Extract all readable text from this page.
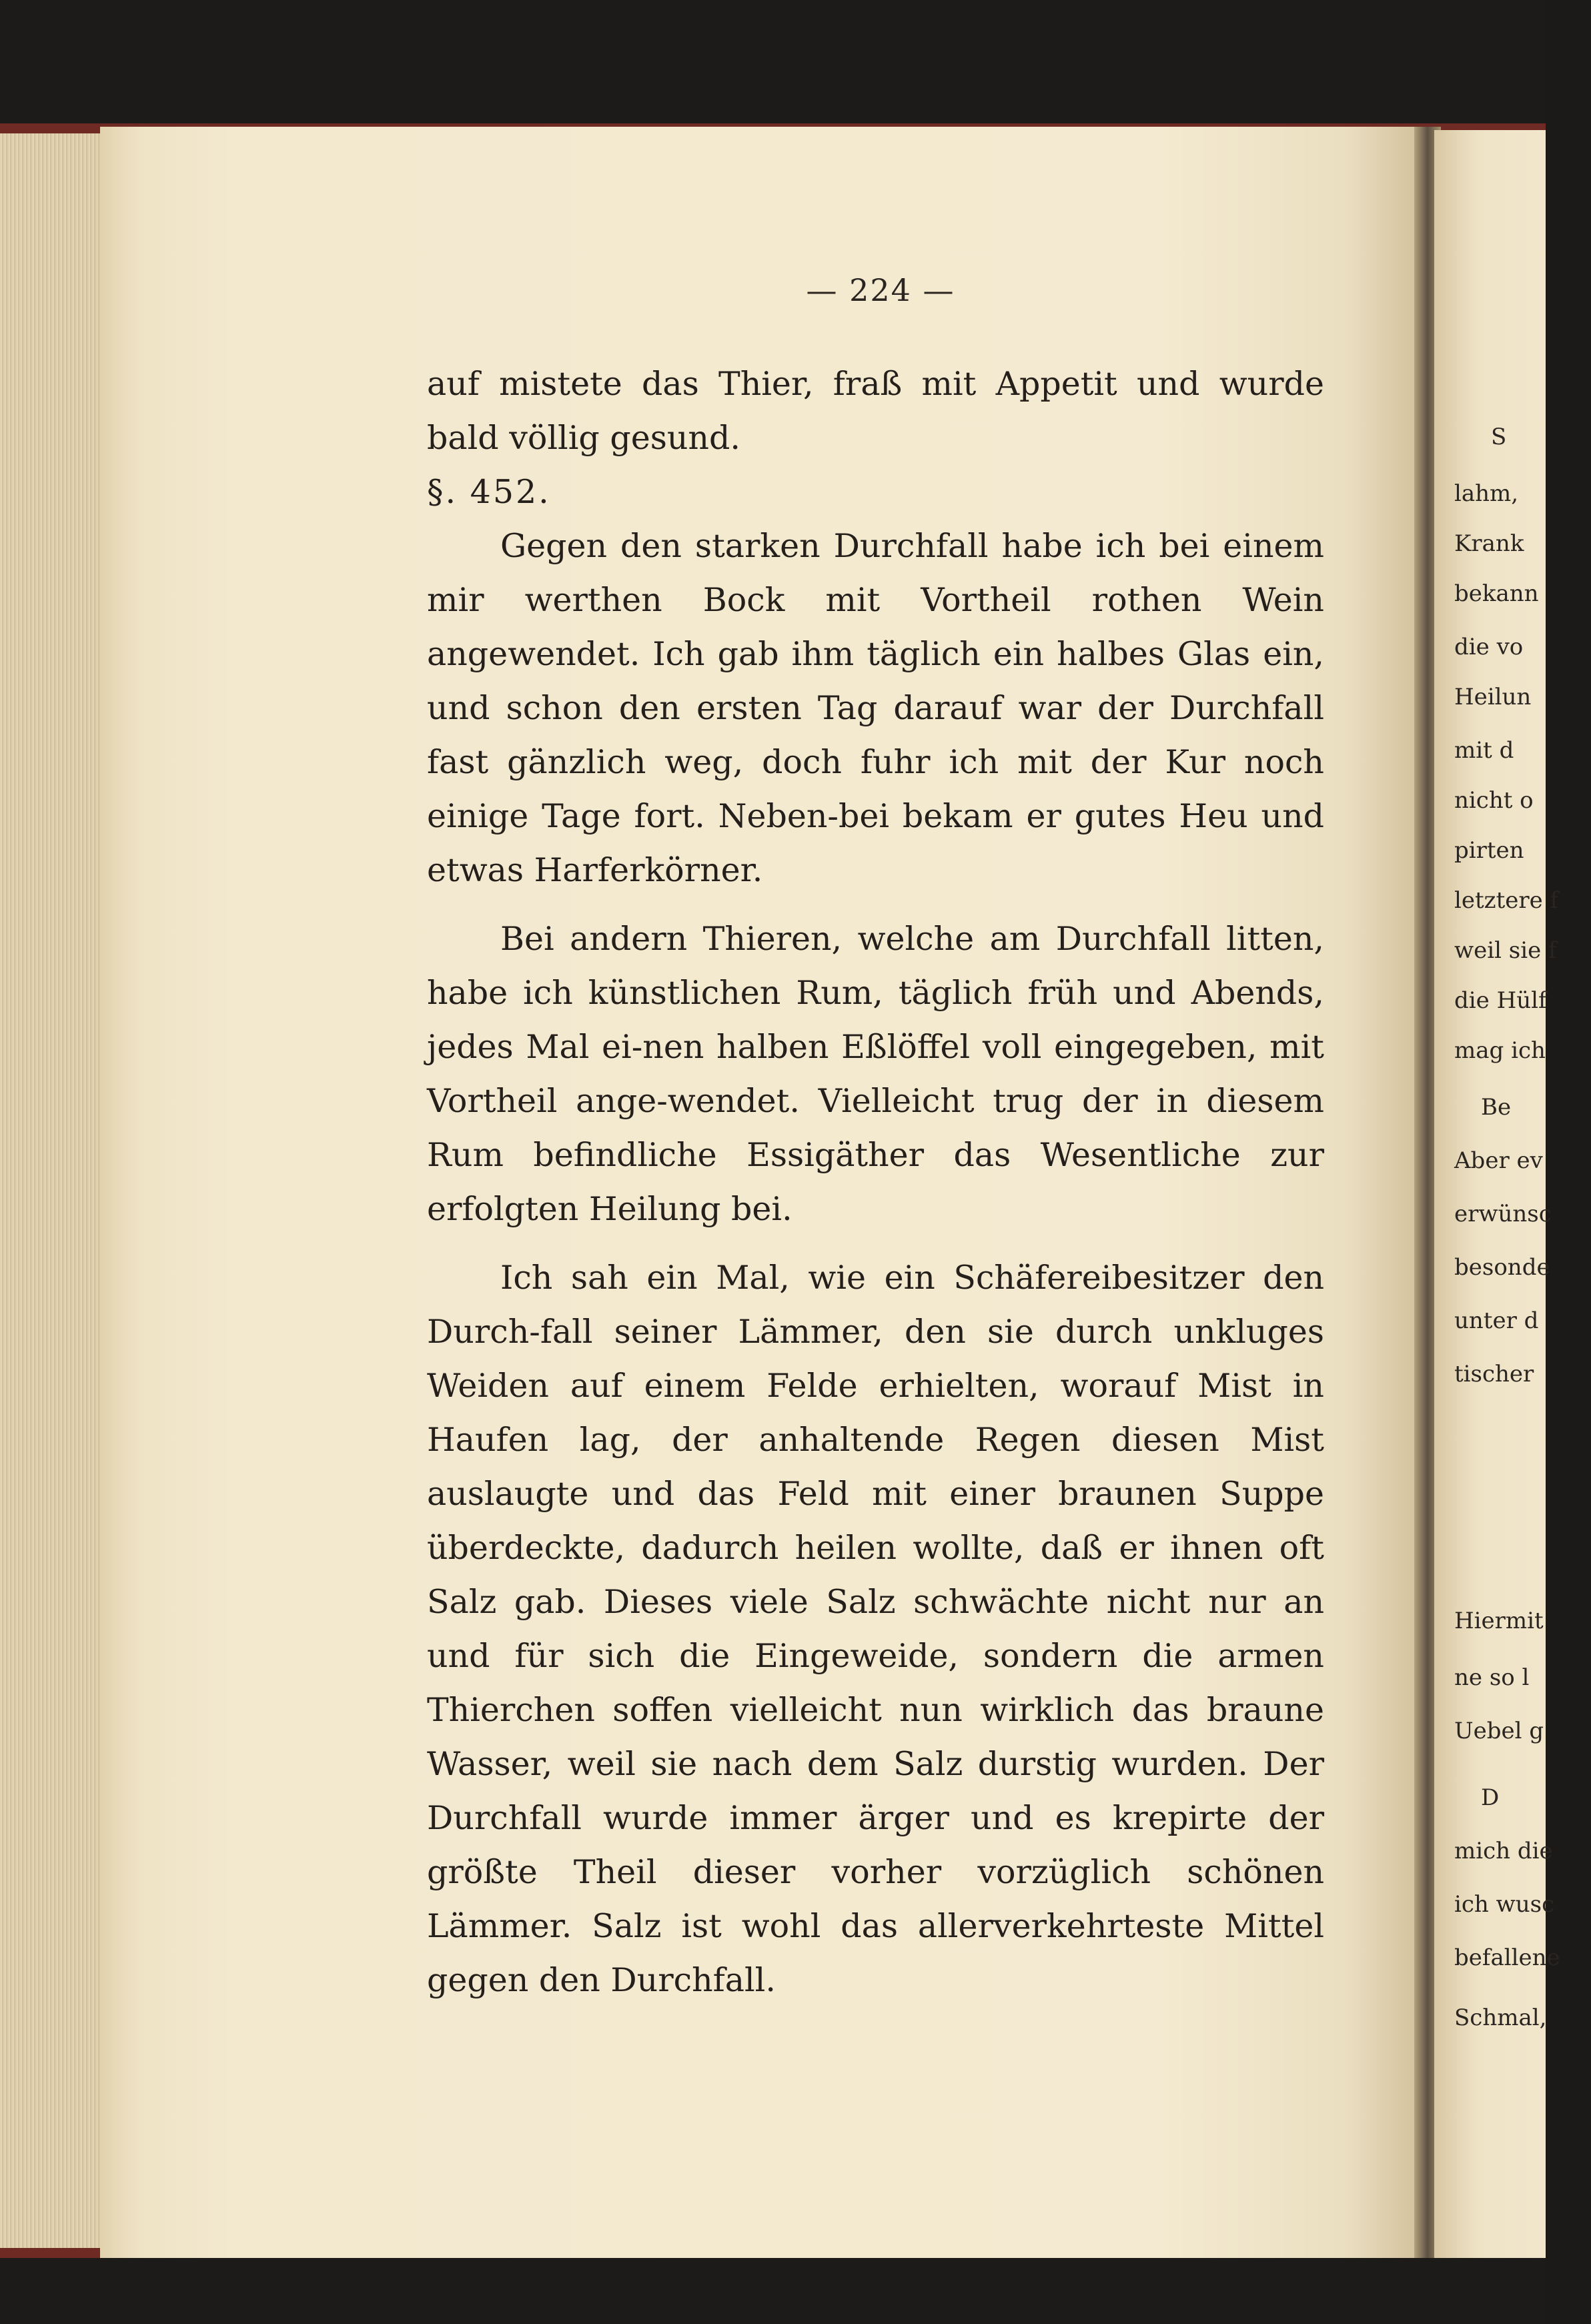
— 224 —

auf mistete das Thier, fraß mit Appetit und wurde bald völlig gesund.

§. 452.

Gegen den starken Durchfall habe ich bei einem mir werthen Bock mit Vortheil rothen Wein angewendet. Ich gab ihm täglich ein halbes Glas ein, und schon den ersten Tag darauf war der Durchfall fast gänzlich weg, doch fuhr ich mit der Kur noch einige Tage fort. Neben-bei bekam er gutes Heu und etwas Harferkörner.

Bei andern Thieren, welche am Durchfall litten, habe ich künstlichen Rum, täglich früh und Abends, jedes Mal ei-nen halben Eßlöffel voll eingegeben, mit Vortheil ange-wendet. Vielleicht trug der in diesem Rum befindliche Essigäther das Wesentliche zur erfolgten Heilung bei.

Ich sah ein Mal, wie ein Schäfereibesitzer den Durch-fall seiner Lämmer, den sie durch unkluges Weiden auf einem Felde erhielten, worauf Mist in Haufen lag, der anhaltende Regen diesen Mist auslaugte und das Feld mit einer braunen Suppe überdeckte, dadurch heilen wollte, daß er ihnen oft Salz gab. Dieses viele Salz schwächte nicht nur an und für sich die Eingeweide, sondern die armen Thierchen soffen vielleicht nun wirklich das braune Wasser, weil sie nach dem Salz durstig wurden. Der Durchfall wurde immer ärger und es krepirte der größte Theil dieser vorher vorzüglich schönen Lämmer. Salz ist wohl das allerverkehrteste Mittel gegen den Durchfall.

S
lahm,
Krank
bekann
die vo
Heilun
mit d
nicht o
pirten
letztere f
weil sie f
die Hülf
mag ich
Be
Aber ev
erwünsc
besonde
unter d
tischer
Hiermit
ne so l
Uebel g
D
mich die
ich wusc
befallene
Schmal,
